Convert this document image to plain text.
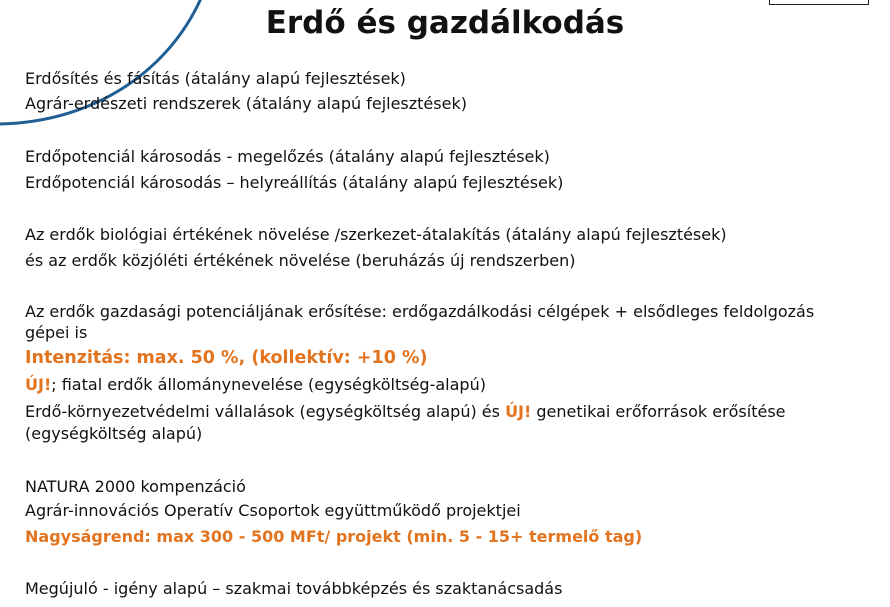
Erdő és gazdálkodás
Erdősítés és fásítás (átalány alapú fejlesztések)
Agrár-erdészeti rendszerek (átalány alapú fejlesztések)
Erdőpotenciál károsodás - megelőzés (átalány alapú fejlesztések)
Erdőpotenciál károsodás – helyreállítás (átalány alapú fejlesztések)
Az erdők biológiai értékének növelése /szerkezet-átalakítás (átalány alapú fejlesztések)
és az erdők közjóléti értékének növelése (beruházás új rendszerben)
Az erdők gazdasági potenciáljának erősítése: erdőgazdálkodási célgépek + elsődleges feldolgozás
gépei is
Intenzitás: max. 50 %, (kollektív: +10 %)
ÚJ!; fiatal erdők állománynevelése (egységköltség-alapú)
Erdő-környezetvédelmi vállalások (egységköltség alapú) és ÚJ! genetikai erőforrások erősítése
(egységköltség alapú)
NATURA 2000 kompenzáció
Agrár-innovációs Operatív Csoportok együttműködő projektjei
Nagyságrend: max 300 - 500 MFt/ projekt (min. 5 - 15+ termelő tag)
Megújuló - igény alapú – szakmai továbbképzés és szaktanácsadás
